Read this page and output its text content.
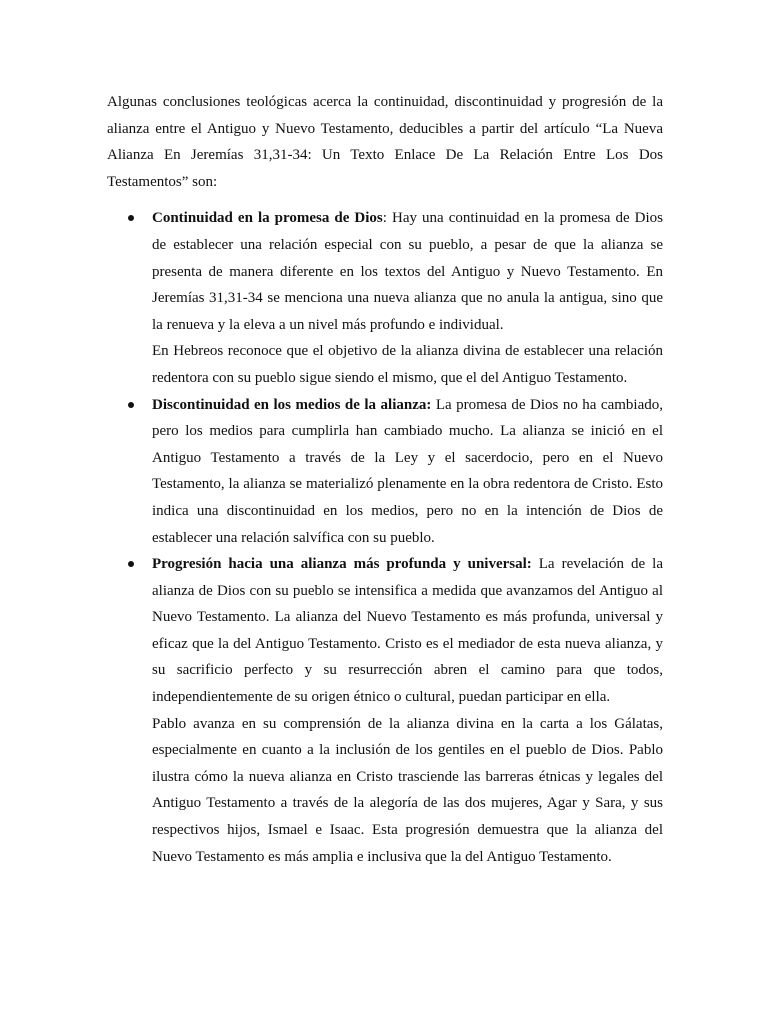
Algunas conclusiones teológicas acerca la continuidad, discontinuidad y progresión de la alianza entre el Antiguo y Nuevo Testamento, deducibles a partir del artículo “La Nueva Alianza En Jeremías 31,31-34: Un Texto Enlace De La Relación Entre Los Dos Testamentos” son:

Continuidad en la promesa de Dios: Hay una continuidad en la promesa de Dios de establecer una relación especial con su pueblo, a pesar de que la alianza se presenta de manera diferente en los textos del Antiguo y Nuevo Testamento. En Jeremías 31,31-34 se menciona una nueva alianza que no anula la antigua, sino que la renueva y la eleva a un nivel más profundo e individual.

En Hebreos reconoce que el objetivo de la alianza divina de establecer una relación redentora con su pueblo sigue siendo el mismo, que el del Antiguo Testamento.

Discontinuidad en los medios de la alianza: La promesa de Dios no ha cambiado, pero los medios para cumplirla han cambiado mucho. La alianza se inició en el Antiguo Testamento a través de la Ley y el sacerdocio, pero en el Nuevo Testamento, la alianza se materializó plenamente en la obra redentora de Cristo. Esto indica una discontinuidad en los medios, pero no en la intención de Dios de establecer una relación salvífica con su pueblo.

Progresión hacia una alianza más profunda y universal: La revelación de la alianza de Dios con su pueblo se intensifica a medida que avanzamos del Antiguo al Nuevo Testamento. La alianza del Nuevo Testamento es más profunda, universal y eficaz que la del Antiguo Testamento. Cristo es el mediador de esta nueva alianza, y su sacrificio perfecto y su resurrección abren el camino para que todos, independientemente de su origen étnico o cultural, puedan participar en ella.

Pablo avanza en su comprensión de la alianza divina en la carta a los Gálatas, especialmente en cuanto a la inclusión de los gentiles en el pueblo de Dios. Pablo ilustra cómo la nueva alianza en Cristo trasciende las barreras étnicas y legales del Antiguo Testamento a través de la alegoría de las dos mujeres, Agar y Sara, y sus respectivos hijos, Ismael e Isaac. Esta progresión demuestra que la alianza del Nuevo Testamento es más amplia e inclusiva que la del Antiguo Testamento.
